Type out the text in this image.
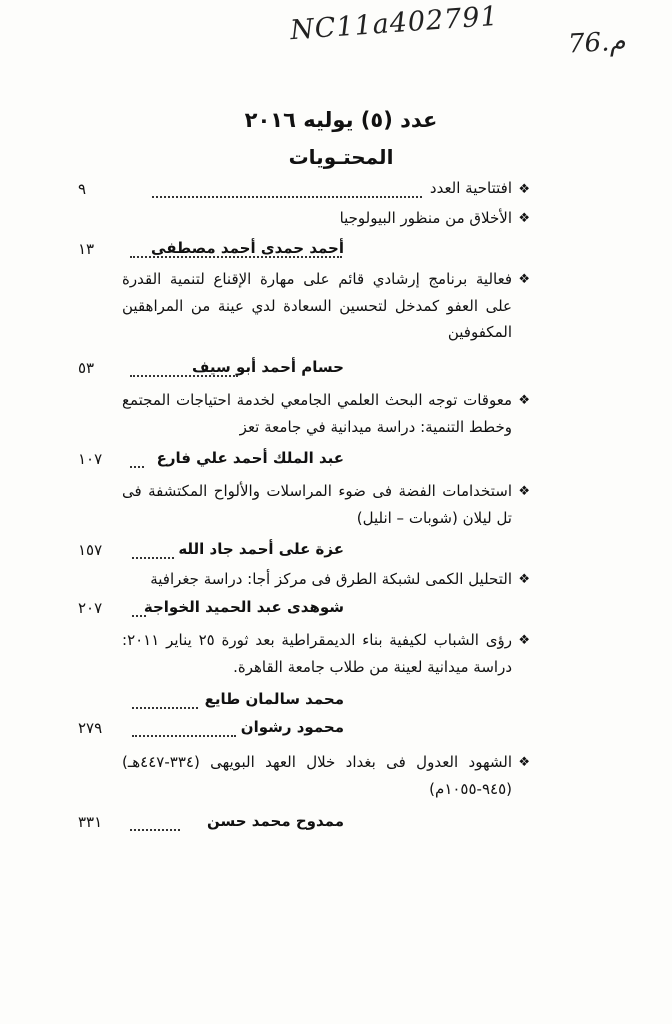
NC11a402791	76.م
عدد (٥) يوليه ٢٠١٦
المحتـويات
❖
افتتاحية العدد
٩
❖
الأخلاق من منظور البيولوجيا
أحمد حمدى أحمد مصطفى
١٣
❖
فعالية برنامج إرشادي قائم على مهارة الإقناع لتنمية القدرة على العفو كمدخل لتحسين السعادة لدي عينة من المراهقين المكفوفين
حسام أحمد أبو سيف
٥٣
❖
معوقات توجه البحث العلمي الجامعي لخدمة احتياجات المجتمع وخطط التنمية: دراسة ميدانية في جامعة تعز
عبد الملك أحمد علي فارع
١٠٧
❖
استخدامات الفضة فى ضوء المراسلات والألواح المكتشفة فى تل ليلان (شوبات – انليل)
عزة على أحمد جاد الله
١٥٧
❖
التحليل الكمى لشبكة الطرق فى مركز أجا: دراسة جغرافية
شوهدى عبد الحميد الخواجة
٢٠٧
❖
رؤى الشباب لكيفية بناء الديمقراطية بعد ثورة ٢٥ يناير ٢٠١١: دراسة ميدانية لعينة من طلاب جامعة القاهرة.
محمد سالمان طايع
محمود رشوان
٢٧٩
❖
الشهود العدول فى بغداد خلال العهد البويهى (٣٣٤-٤٤٧هـ) (٩٤٥-١٠٥٥م)
ممدوح محمد حسن
٣٣١
